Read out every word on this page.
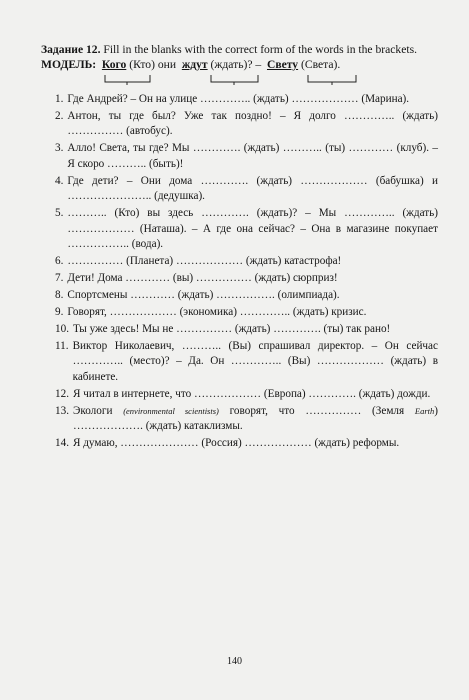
Задание 12. Fill in the blanks with the correct form of the words in the brackets.
МОДЕЛЬ: Кого (Кто) они ждут (ждать)? – Свету (Света).
1. Где Андрей? – Он на улице ………….. (ждать) ……………… (Марина).
2. Антон, ты где был? Уже так поздно! – Я долго ………….. (ждать) …………… (автобус).
3. Алло! Света, ты где? Мы …………. (ждать) ……….. (ты) ………… (клуб). – Я скоро ……….. (быть)!
4. Где дети? – Они дома …………. (ждать) ……………… (бабушка) и ………………….. (дедушка).
5. ……….. (Кто) вы здесь …………. (ждать)? – Мы ………….. (ждать) ……………… (Наташа). – А где она сейчас? – Она в магазине покупает …………….. (вода).
6. …………… (Планета) ……………… (ждать) катастрофа!
7. Дети! Дома ………… (вы) …………… (ждать) сюрприз!
8. Спортсмены ………… (ждать) ……………. (олимпиада).
9. Говорят, ……………… (экономика) ………….. (ждать) кризис.
10. Ты уже здесь! Мы не …………… (ждать) …………. (ты) так рано!
11. Виктор Николаевич, ……….. (Вы) спрашивал директор. – Он сейчас ………….. (место)? – Да. Он ………….. (Вы) ……………… (ждать) в кабинете.
12. Я читал в интернете, что ……………… (Европа) …………. (ждать) дожди.
13. Экологи (environmental scientists) говорят, что …………… (Земля Earth) ………………. (ждать) катаклизмы.
14. Я думаю, ………………… (Россия) ……………… (ждать) реформы.
140
